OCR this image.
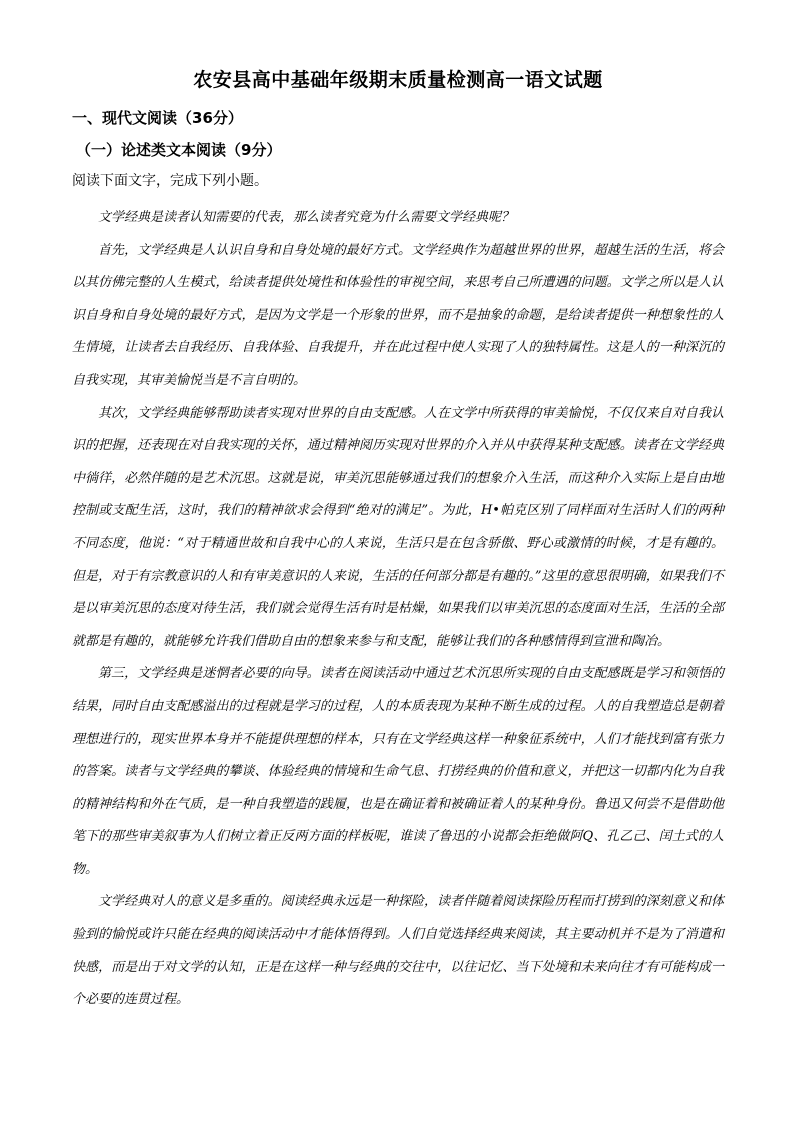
农安县高中基础年级期末质量检测高一语文试题
一、现代文阅读（36分）
（一）论述类文本阅读（9分）
阅读下面文字，完成下列小题。

文学经典是读者认知需要的代表，那么读者究竟为什么需要文学经典呢？

首先，文学经典是人认识自身和自身处境的最好方式。文学经典作为超越世界的世界，超越生活的生活，将会以其仿佛完整的人生模式，给读者提供处境性和体验性的审视空间，来思考自己所遭遇的问题。文学之所以是人认识自身和自身处境的最好方式，是因为文学是一个形象的世界，而不是抽象的命题，是给读者提供一种想象性的人生情境，让读者去自我经历、自我体验、自我提升，并在此过程中使人实现了人的独特属性。这是人的一种深沉的自我实现，其审美愉悦当是不言自明的。

其次，文学经典能够帮助读者实现对世界的自由支配感。人在文学中所获得的审美愉悦，不仅仅来自对自我认识的把握，还表现在对自我实现的关怀，通过精神阅历实现对世界的介入并从中获得某种支配感。读者在文学经典中徜徉，必然伴随的是艺术沉思。这就是说，审美沉思能够通过我们的想象介入生活，而这种介入实际上是自由地控制或支配生活，这时，我们的精神欲求会得到“绝对的满足”。为此，H•帕克区别了同样面对生活时人们的两种不同态度，他说：“对于精通世故和自我中心的人来说，生活只是在包含骄傲、野心或激情的时候，才是有趣的。但是，对于有宗教意识的人和有审美意识的人来说，生活的任何部分都是有趣的。”这里的意思很明确，如果我们不是以审美沉思的态度对待生活，我们就会觉得生活有时是枯燥，如果我们以审美沉思的态度面对生活，生活的全部就都是有趣的，就能够允许我们借助自由的想象来参与和支配，能够让我们的各种感情得到宣泄和陶冶。

第三，文学经典是迷惘者必要的向导。读者在阅读活动中通过艺术沉思所实现的自由支配感既是学习和领悟的结果，同时自由支配感溢出的过程就是学习的过程，人的本质表现为某种不断生成的过程。人的自我塑造总是朝着理想进行的，现实世界本身并不能提供理想的样本，只有在文学经典这样一种象征系统中，人们才能找到富有张力的答案。读者与文学经典的攀谈、体验经典的情境和生命气息、打捞经典的价值和意义，并把这一切都内化为自我的精神结构和外在气质，是一种自我塑造的践履，也是在确证着和被确证着人的某种身份。鲁迅又何尝不是借助他笔下的那些审美叙事为人们树立着正反两方面的样板呢，谁读了鲁迅的小说都会拒绝做阿Q、孔乙己、闰土式的人物。

文学经典对人的意义是多重的。阅读经典永远是一种探险，读者伴随着阅读探险历程而打捞到的深刻意义和体验到的愉悦或许只能在经典的阅读活动中才能体悟得到。人们自觉选择经典来阅读，其主要动机并不是为了消遣和快感，而是出于对文学的认知，正是在这样一种与经典的交往中，以往记忆、当下处境和未来向往才有可能构成一个必要的连贯过程。
